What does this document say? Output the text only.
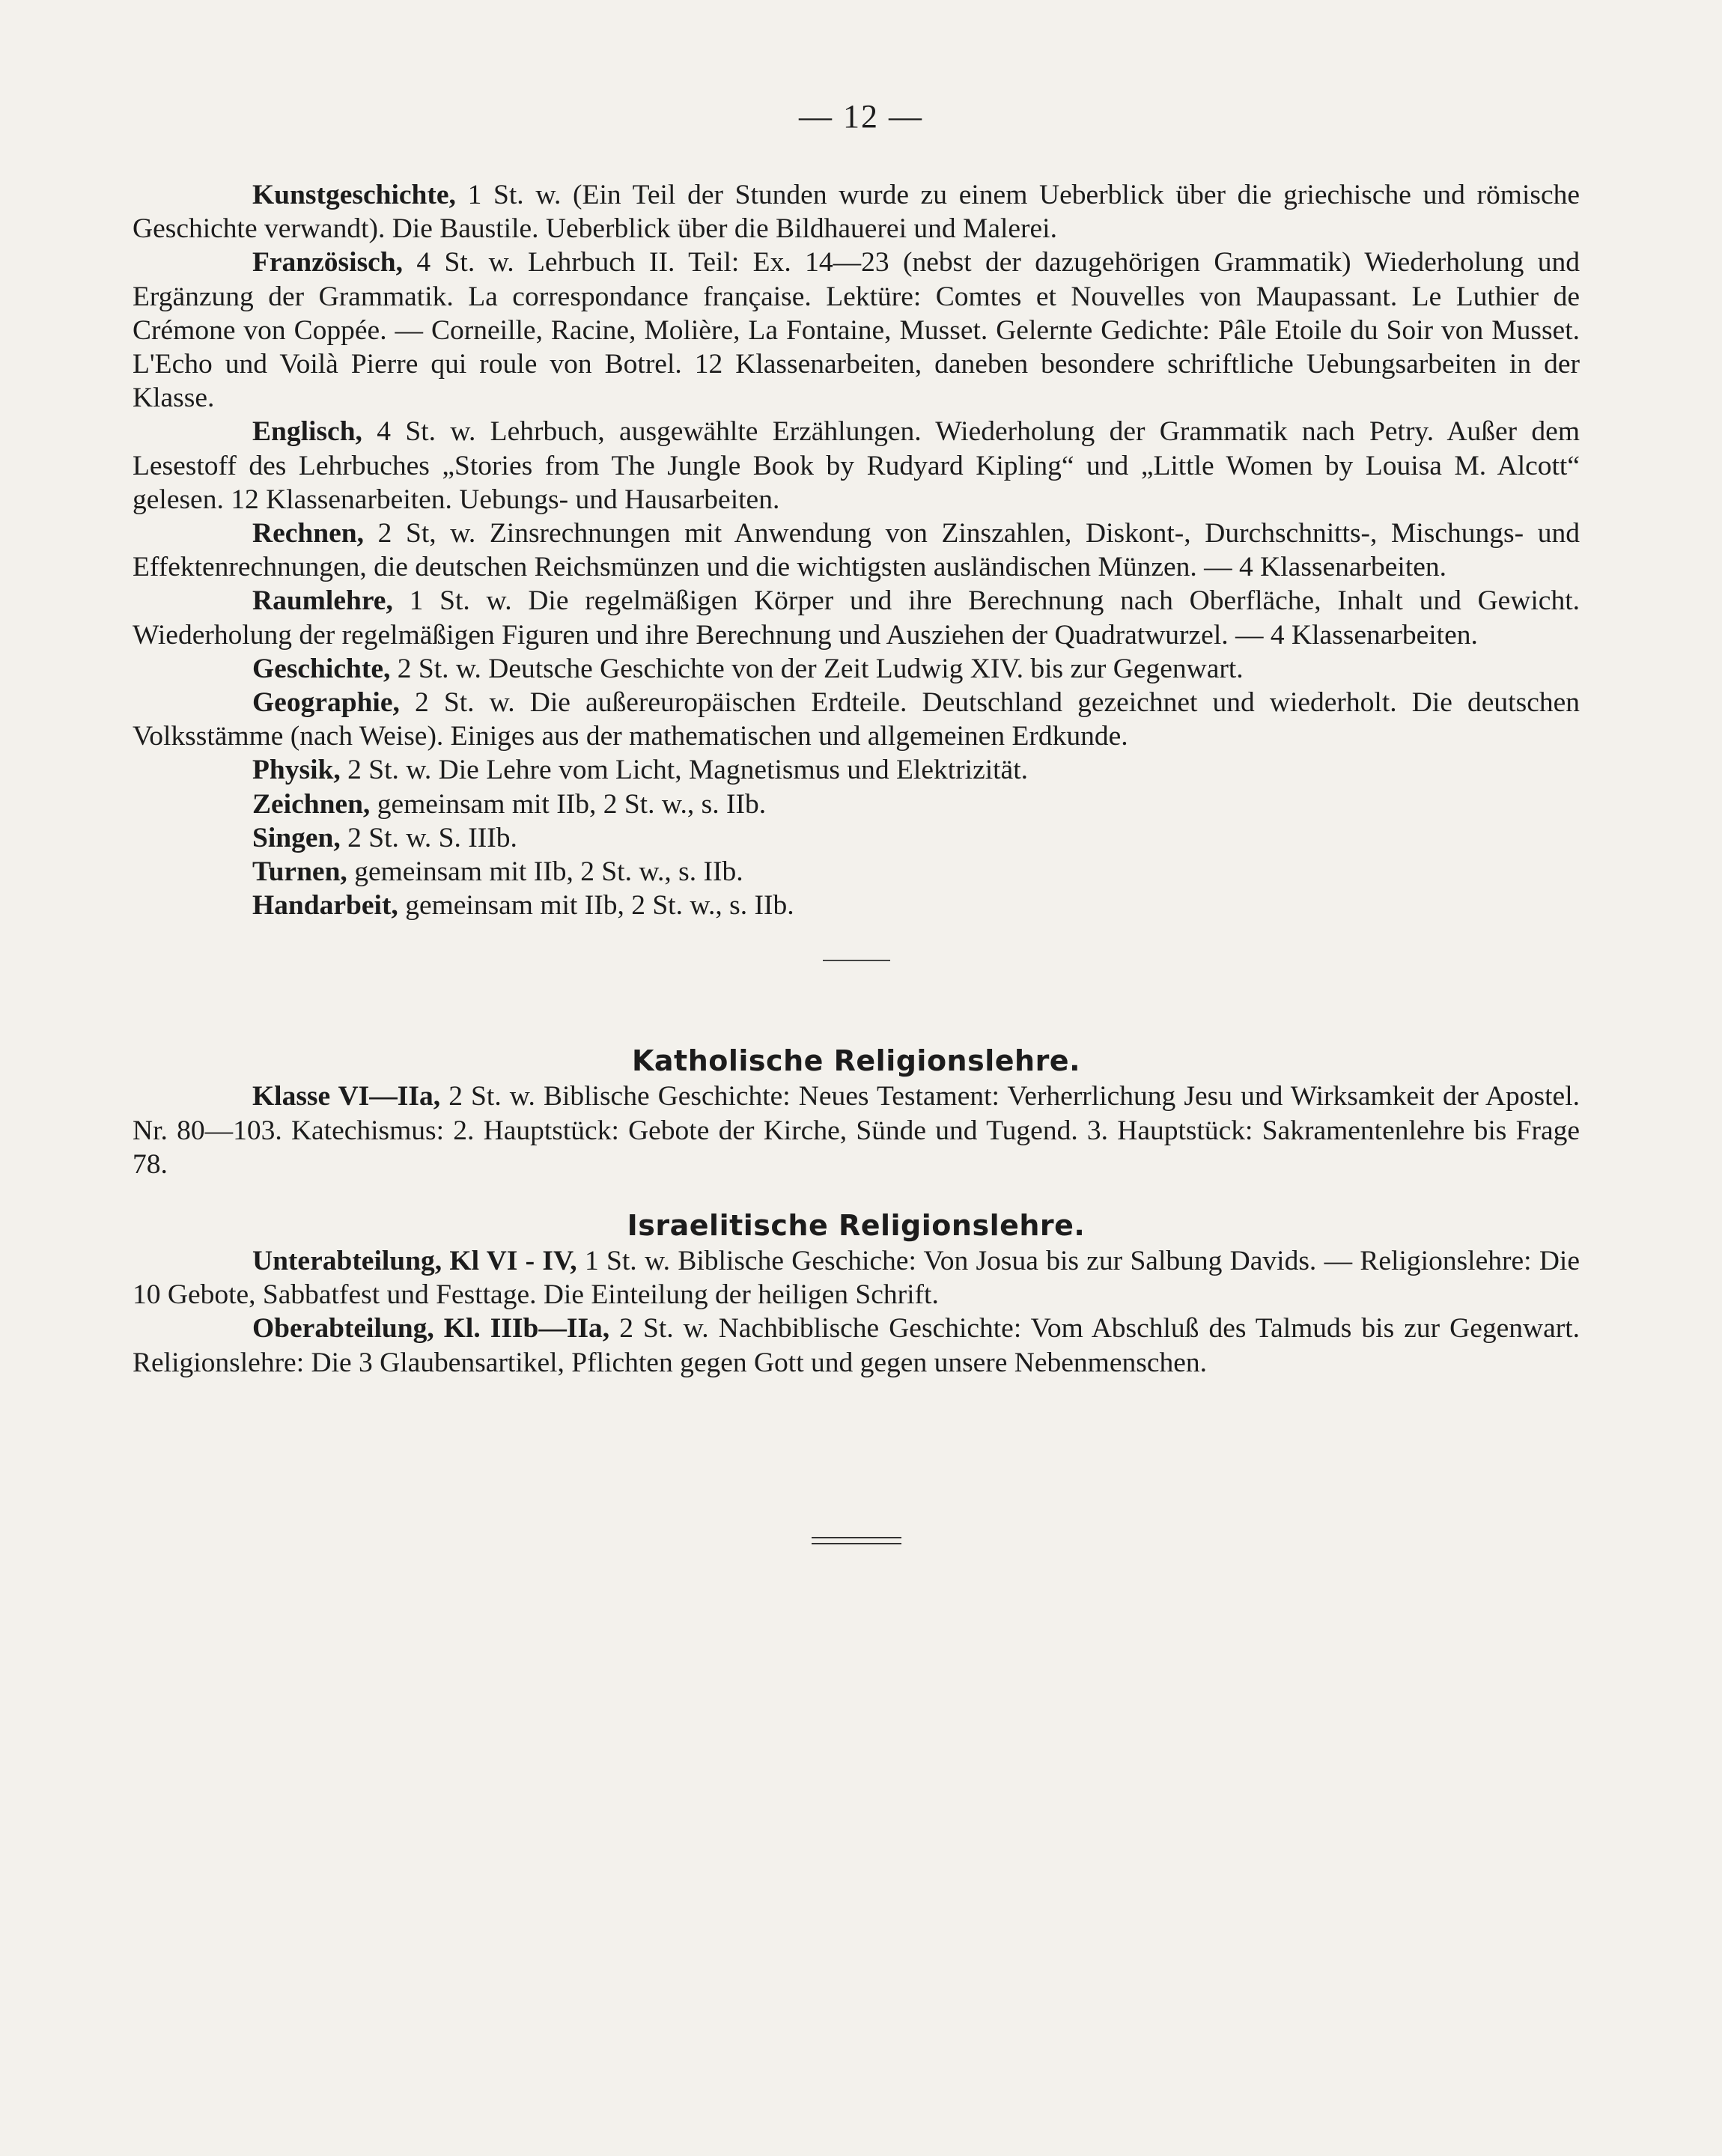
— 12 —

Kunstgeschichte, 1 St. w. (Ein Teil der Stunden wurde zu einem Ueberblick über die griechische und römische Geschichte verwandt). Die Baustile. Ueberblick über die Bildhauerei und Malerei.

Französisch, 4 St. w. Lehrbuch II. Teil: Ex. 14—23 (nebst der dazugehörigen Grammatik) Wiederholung und Ergänzung der Grammatik. La correspondance française. Lektüre: Comtes et Nouvelles von Maupassant. Le Luthier de Crémone von Coppée. — Corneille, Racine, Molière, La Fontaine, Musset. Gelernte Gedichte: Pâle Etoile du Soir von Musset. L'Echo und Voilà Pierre qui roule von Botrel. 12 Klassenarbeiten, daneben besondere schriftliche Uebungsarbeiten in der Klasse.

Englisch, 4 St. w. Lehrbuch, ausgewählte Erzählungen. Wiederholung der Grammatik nach Petry. Außer dem Lesestoff des Lehrbuches „Stories from The Jungle Book by Rudyard Kipling“ und „Little Women by Louisa M. Alcott“ gelesen. 12 Klassenarbeiten. Uebungs- und Hausarbeiten.

Rechnen, 2 St, w. Zinsrechnungen mit Anwendung von Zinszahlen, Diskont-, Durchschnitts-, Mischungs- und Effektenrechnungen, die deutschen Reichsmünzen und die wichtigsten ausländischen Münzen. — 4 Klassenarbeiten.

Raumlehre, 1 St. w. Die regelmäßigen Körper und ihre Berechnung nach Oberfläche, Inhalt und Gewicht. Wiederholung der regelmäßigen Figuren und ihre Berechnung und Ausziehen der Quadratwurzel. — 4 Klassenarbeiten.

Geschichte, 2 St. w. Deutsche Geschichte von der Zeit Ludwig XIV. bis zur Gegenwart.

Geographie, 2 St. w. Die außereuropäischen Erdteile. Deutschland gezeichnet und wiederholt. Die deutschen Volksstämme (nach Weise). Einiges aus der mathematischen und allgemeinen Erdkunde.

Physik, 2 St. w. Die Lehre vom Licht, Magnetismus und Elektrizität.

Zeichnen, gemeinsam mit IIb, 2 St. w., s. IIb.

Singen, 2 St. w. S. IIIb.

Turnen, gemeinsam mit IIb, 2 St. w., s. IIb.

Handarbeit, gemeinsam mit IIb, 2 St. w., s. IIb.

Katholische Religionslehre.

Klasse VI—IIa, 2 St. w. Biblische Geschichte: Neues Testament: Verherrlichung Jesu und Wirksamkeit der Apostel. Nr. 80—103. Katechismus: 2. Hauptstück: Gebote der Kirche, Sünde und Tugend. 3. Hauptstück: Sakramentenlehre bis Frage 78.

Israelitische Religionslehre.

Unterabteilung, Kl VI - IV, 1 St. w. Biblische Geschiche: Von Josua bis zur Salbung Davids. — Religionslehre: Die 10 Gebote, Sabbatfest und Festtage. Die Einteilung der heiligen Schrift.

Oberabteilung, Kl. IIIb—IIa, 2 St. w. Nachbiblische Geschichte: Vom Abschluß des Talmuds bis zur Gegenwart. Religionslehre: Die 3 Glaubensartikel, Pflichten gegen Gott und gegen unsere Nebenmenschen.
